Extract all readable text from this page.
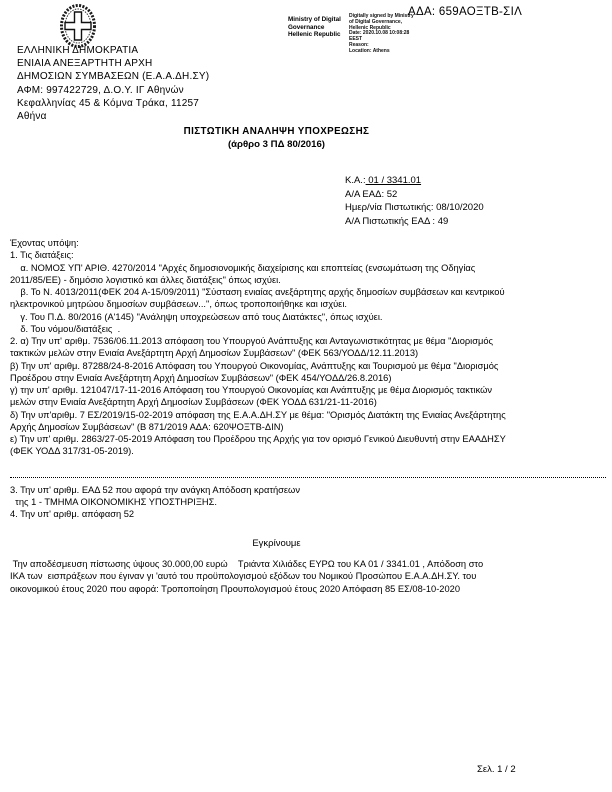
ΕΛΛΗΝΙΚΗ ΔΗΜΟΚΡΑΤΙΑ
ΕΝΙΑΙΑ ΑΝΕΞΑΡΤΗΤΗ ΑΡΧΗ
ΔΗΜΟΣΙΩΝ ΣΥΜΒΑΣΕΩΝ (Ε.Α.Α.ΔΗ.ΣΥ)
ΑΦΜ: 997422729, Δ.Ο.Υ. ΙΓ Αθηνών
Κεφαλληνίας 45 & Κόμνα Τράκα, 11257
Αθήνα
Ministry of Digital
Governance
Hellenic Republic
Digitally signed by Ministry
of Digital Governance,
Hellenic Republic
Date: 2020.10.08 10:08:28
EEST
Reason:
Location: Athens
ΑΔΑ: 659ΑΟΞΤΒ-ΣΙΛ
ΠΙΣΤΩΤΙΚΗ ΑΝΑΛΗΨΗ ΥΠΟΧΡΕΩΣΗΣ
(άρθρο 3 ΠΔ 80/2016)
Κ.Α.: 01 / 3341.01
Α/Α ΕΑΔ: 52
Ημερ/νία Πιστωτικής: 08/10/2020
Α/Α Πιστωτικής ΕΑΔ : 49
Έχοντας υπόψη:
1. Τις διατάξεις:
α. ΝΟΜΟΣ ΥΠ' ΑΡΙΘ. 4270/2014 "Αρχές δημοσιονομικής διαχείρισης και εποπτείας (ενσωμάτωση της Οδηγίας
2011/85/ΕΕ) - δημόσιο λογιστικό και άλλες διατάξεις" όπως ισχύει.
β. Το Ν. 4013/2011(ΦΕΚ 204 Α-15/09/2011) "Σύσταση ενιαίας ανεξάρτητης αρχής δημοσίων συμβάσεων και κεντρικού
ηλεκτρονικού μητρώου δημοσίων συμβάσεων...", όπως τροποποιήθηκε και ισχύει.
γ. Του Π.Δ. 80/2016 (Α'145) "Ανάληψη υποχρεώσεων από τους Διατάκτες", όπως ισχύει.
δ. Του νόμου/διατάξεις  .
2. α) Την υπ' αριθμ. 7536/06.11.2013 απόφαση του Υπουργού Ανάπτυξης και Ανταγωνιστικότητας με θέμα "Διορισμός
τακτικών μελών στην Ενιαία Ανεξάρτητη Αρχή Δημοσίων Συμβάσεων" (ΦΕΚ 563/ΥΟΔΔ/12.11.2013)
β) Την υπ' αριθμ. 87288/24-8-2016 Απόφαση του Υπουργού Οικονομίας, Ανάπτυξης και Τουρισμού με θέμα "Διορισμός
Προέδρου στην Ενιαία Ανεξάρτητη Αρχή Δημοσίων Συμβάσεων" (ΦΕΚ 454/ΥΟΔΔ/26.8.2016)
γ) την υπ' αριθμ. 121047/17-11-2016 Απόφαση του Υπουργού Οικονομίας και Ανάπτυξης με θέμα Διορισμός τακτικών
μελών στην Ενιαία Ανεξάρτητη Αρχή Δημοσίων Συμβάσεων (ΦΕΚ ΥΟΔΔ 631/21-11-2016)
δ) Την υπ'αριθμ. 7 ΕΣ/2019/15-02-2019 απόφαση της Ε.Α.Α.ΔΗ.ΣΥ με θέμα: "Ορισμός Διατάκτη της Ενιαίας Ανεξάρτητης
Αρχής Δημοσίων Συμβάσεων" (Β 871/2019 ΑΔΑ: 620ΨΟΞΤΒ-ΔΙΝ)
ε) Την υπ' αριθμ. 2863/27-05-2019 Απόφαση του Προέδρου της Αρχής για τον ορισμό Γενικού Διευθυντή στην ΕΑΑΔΗΣΥ
(ΦΕΚ ΥΟΔΔ 317/31-05-2019).
3. Την υπ' αριθμ. ΕΑΔ 52 που αφορά την ανάγκη Απόδοση κρατήσεων
της 1 - ΤΜΗΜΑ ΟΙΚΟΝΟΜΙΚΗΣ ΥΠΟΣΤΗΡΙΞΗΣ.
4. Την υπ' αριθμ. απόφαση 52
Εγκρίνουμε
Την αποδέσμευση πίστωσης ύψους 30.000,00 ευρώ    Τριάντα Χιλιάδες ΕΥΡΩ του ΚΑ 01 / 3341.01 , Απόδοση στο
ΙΚΑ των  εισπράξεων που έγιναν γι 'αυτό του προϋπολογισμού εξόδων του Νομικού Προσώπου Ε.Α.Α.ΔΗ.ΣΥ. του
οικονομικού έτους 2020 που αφορά: Τροποποίηση Προυπολογισμού έτους 2020 Απόφαση 85 ΕΣ/08-10-2020
Σελ. 1 / 2
